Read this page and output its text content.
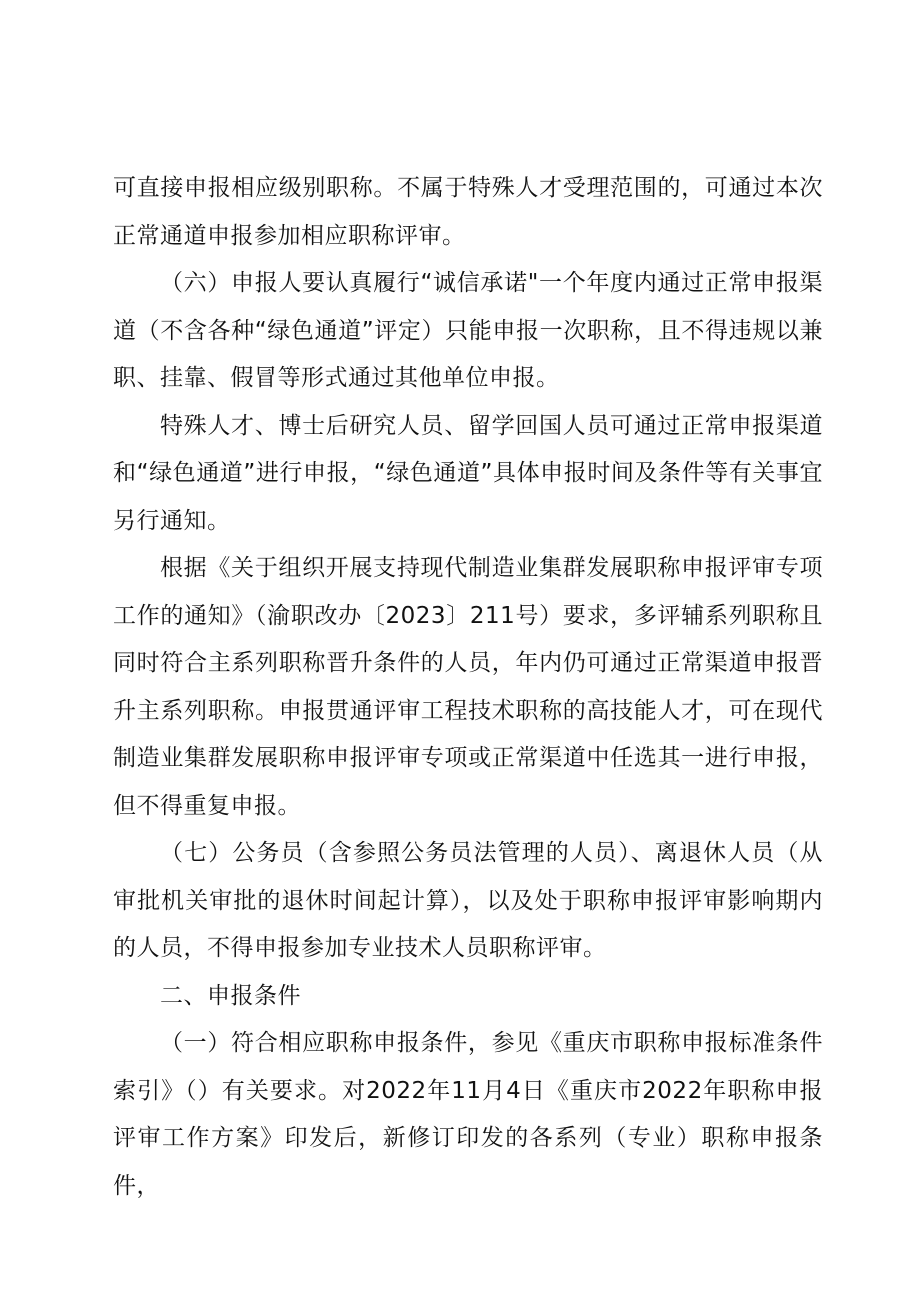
可直接申报相应级别职称。不属于特殊人才受理范围的，可通过本次正常通道申报参加相应职称评审。

（六）申报人要认真履行“诚信承诺"一个年度内通过正常申报渠道（不含各种“绿色通道”评定）只能申报一次职称，且不得违规以兼职、挂靠、假冒等形式通过其他单位申报。

特殊人才、博士后研究人员、留学回国人员可通过正常申报渠道和“绿色通道”进行申报，“绿色通道”具体申报时间及条件等有关事宜另行通知。

根据《关于组织开展支持现代制造业集群发展职称申报评审专项工作的通知》（渝职改办〔2023〕211号）要求，多评辅系列职称且同时符合主系列职称晋升条件的人员，年内仍可通过正常渠道申报晋升主系列职称。申报贯通评审工程技术职称的高技能人才，可在现代制造业集群发展职称申报评审专项或正常渠道中任选其一进行申报，但不得重复申报。

（七）公务员（含参照公务员法管理的人员）、离退休人员（从审批机关审批的退休时间起计算），以及处于职称申报评审影响期内的人员，不得申报参加专业技术人员职称评审。

二、申报条件

（一）符合相应职称申报条件，参见《重庆市职称申报标准条件索引》（）有关要求。对2022年11月4日《重庆市2022年职称申报评审工作方案》印发后，新修订印发的各系列（专业）职称申报条件，
